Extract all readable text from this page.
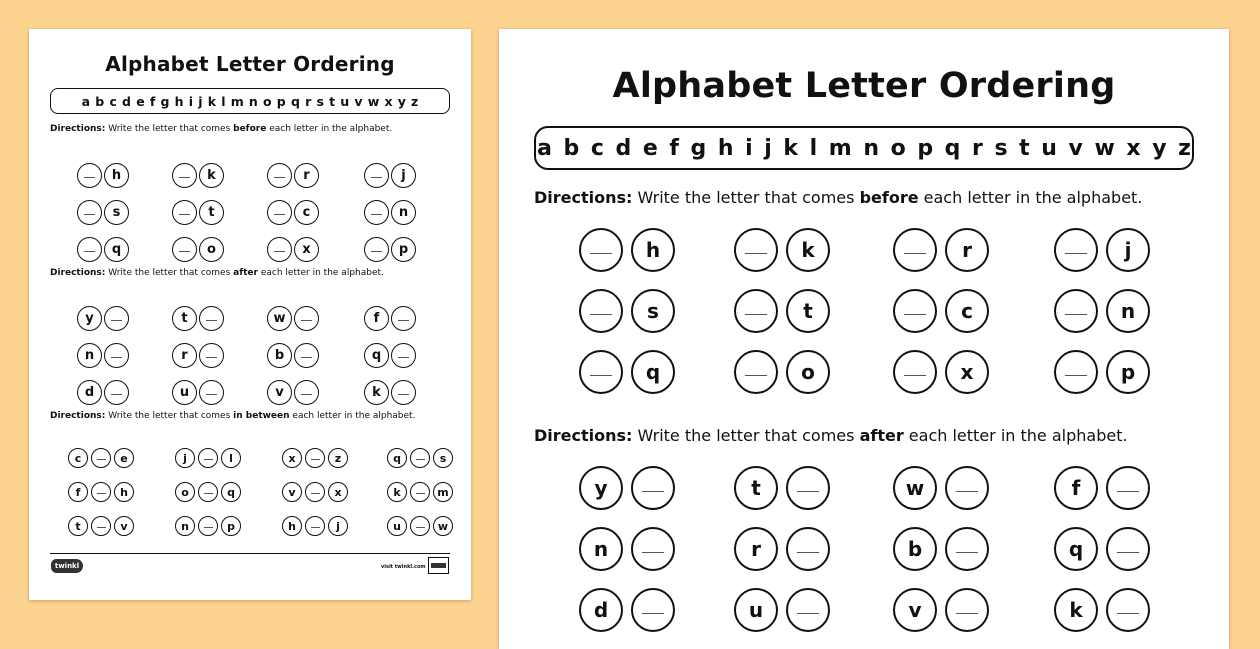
Alphabet Letter Ordering
a b c d e f g h i j k l m n o p q r s t u v w x y z
twinkl	visit twinkl.com
Directions: Write the letter that comes before each letter in the alphabet.
h	k	r	j
s	t	c	n
q	o	x	p
Directions: Write the letter that comes after each letter in the alphabet.
y	t	w	f
n	r	b	q
d	u	v	k
Directions: Write the letter that comes in between each letter in the alphabet.
c	e	j	l	x	z	q	s
f	h	o	q	v	x	k	m
t	v	n	p	h	j	u	w
Alphabet Letter Ordering
a b c d e f g h i j k l m n o p q r s t u v w x y z
Directions: Write the letter that comes before each letter in the alphabet.
h	k	r	j
s	t	c	n
q	o	x	p
Directions: Write the letter that comes after each letter in the alphabet.
y	t	w	f
n	r	b	q
d	u	v	k
